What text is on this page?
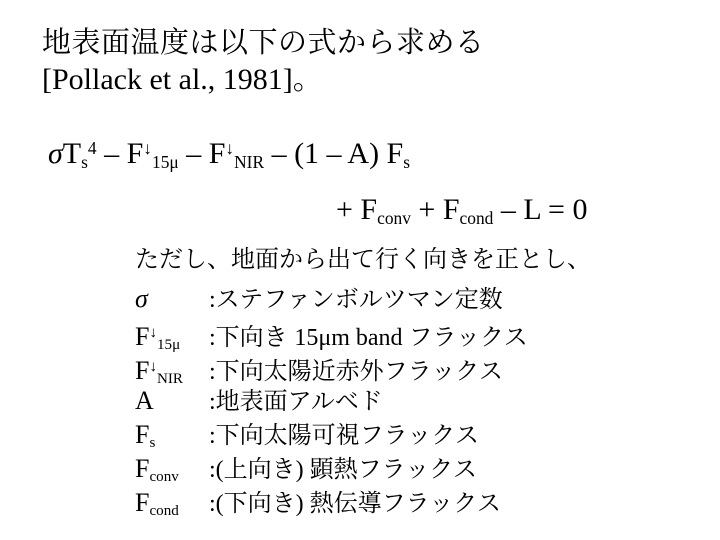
地表面温度は以下の式から求める
[Pollack et al., 1981]。
σTs$^4$ – F↓15μ – F↓NIR – (1 – A) Fs
+ Fconv + Fcond – L = 0
ただし、地面から出て行く向きを正とし、
σ	:ステファンボルツマン定数
F↓15μ :下向き 15μm band フラックス
F↓NIR :下向太陽近赤外フラックス
A :地表面アルベド
Fs :下向太陽可視フラックス
Fconv :(上向き) 顕熱フラックス
Fcond :(下向き) 熱伝導フラックス
